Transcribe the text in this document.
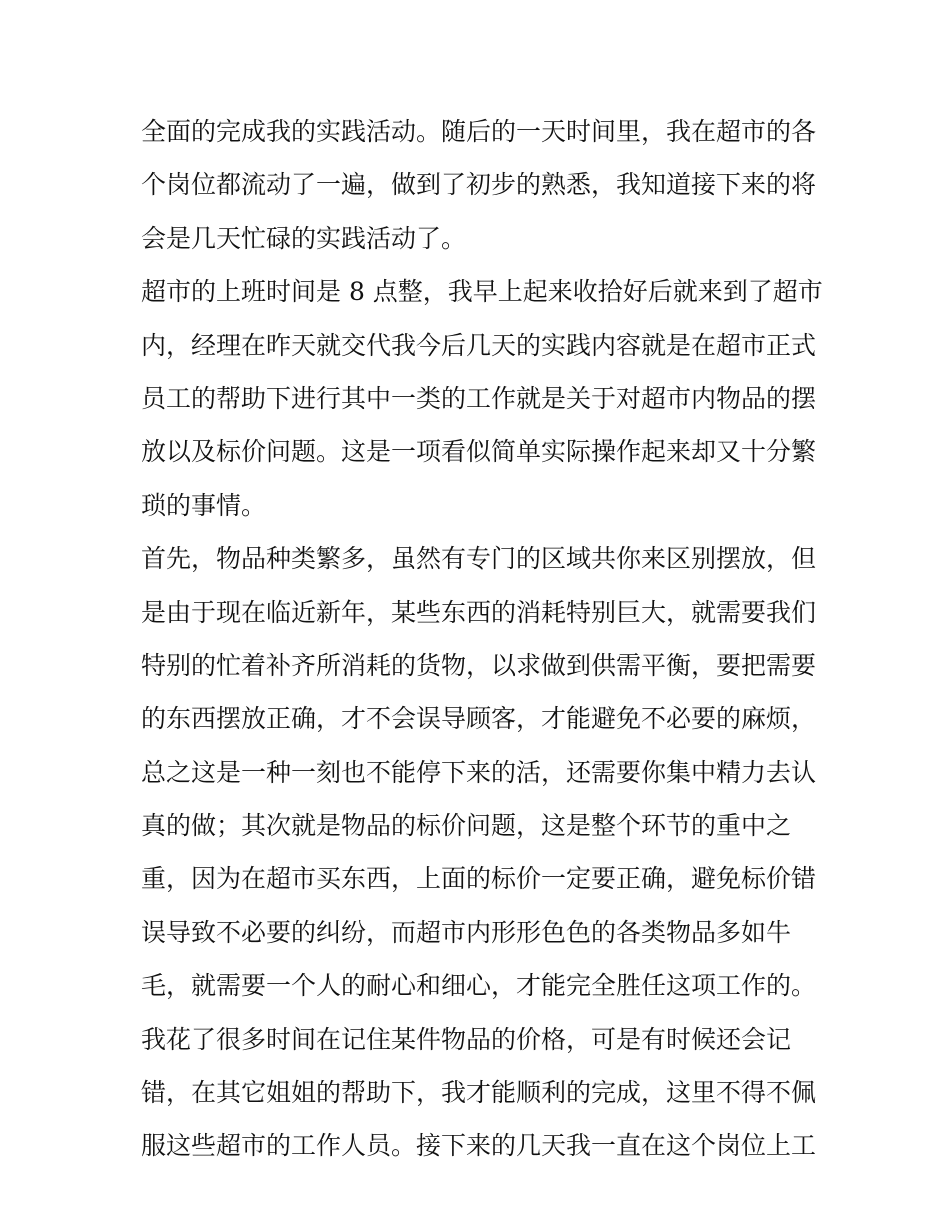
全面的完成我的实践活动。随后的一天时间里，我在超市的各
个岗位都流动了一遍，做到了初步的熟悉，我知道接下来的将
会是几天忙碌的实践活动了。
超市的上班时间是 8 点整，我早上起来收拾好后就来到了超市
内，经理在昨天就交代我今后几天的实践内容就是在超市正式
员工的帮助下进行其中一类的工作就是关于对超市内物品的摆
放以及标价问题。这是一项看似简单实际操作起来却又十分繁
琐的事情。
首先，物品种类繁多，虽然有专门的区域共你来区别摆放，但
是由于现在临近新年，某些东西的消耗特别巨大，就需要我们
特别的忙着补齐所消耗的货物，以求做到供需平衡，要把需要
的东西摆放正确，才不会误导顾客，才能避免不必要的麻烦，
总之这是一种一刻也不能停下来的活，还需要你集中精力去认
真的做；其次就是物品的标价问题，这是整个环节的重中之
重，因为在超市买东西，上面的标价一定要正确，避免标价错
误导致不必要的纠纷，而超市内形形色色的各类物品多如牛
毛，就需要一个人的耐心和细心，才能完全胜任这项工作的。
我花了很多时间在记住某件物品的价格，可是有时候还会记
错，在其它姐姐的帮助下，我才能顺利的完成，这里不得不佩
服这些超市的工作人员。接下来的几天我一直在这个岗位上工
